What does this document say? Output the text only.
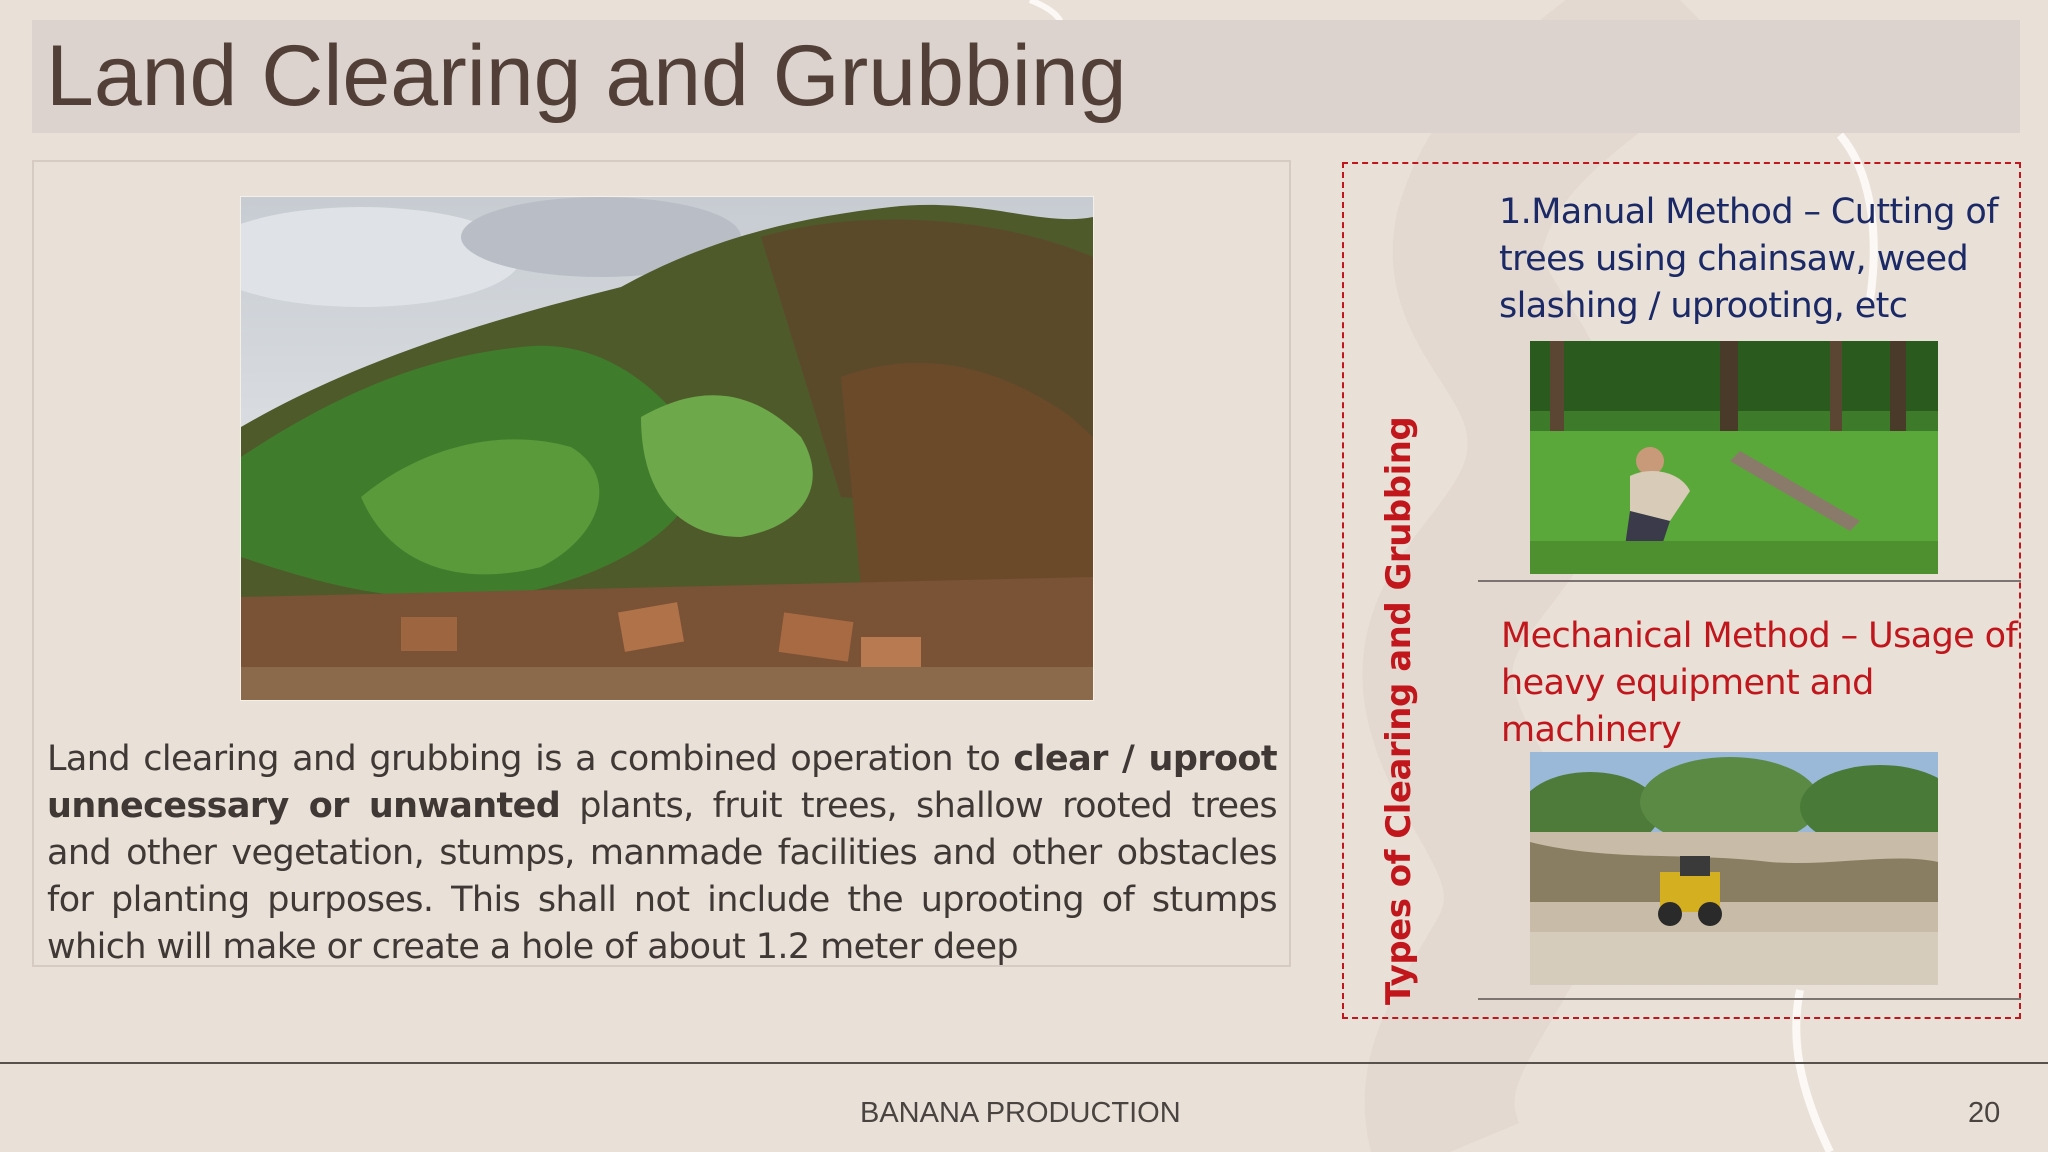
Land Clearing and Grubbing

Land clearing and grubbing is a combined operation to clear / uproot unnecessary or unwanted plants, fruit trees, shallow rooted trees and other vegetation, stumps, manmade facilities and other obstacles for planting purposes. This shall not include the uprooting of stumps which will make or create a hole of about 1.2 meter deep	Types of Clearing and Grubbing

1.Manual Method – Cutting of trees using chainsaw, weed slashing / uprooting, etc

Mechanical Method – Usage of heavy equipment and machinery

BANANA PRODUCTION	20
